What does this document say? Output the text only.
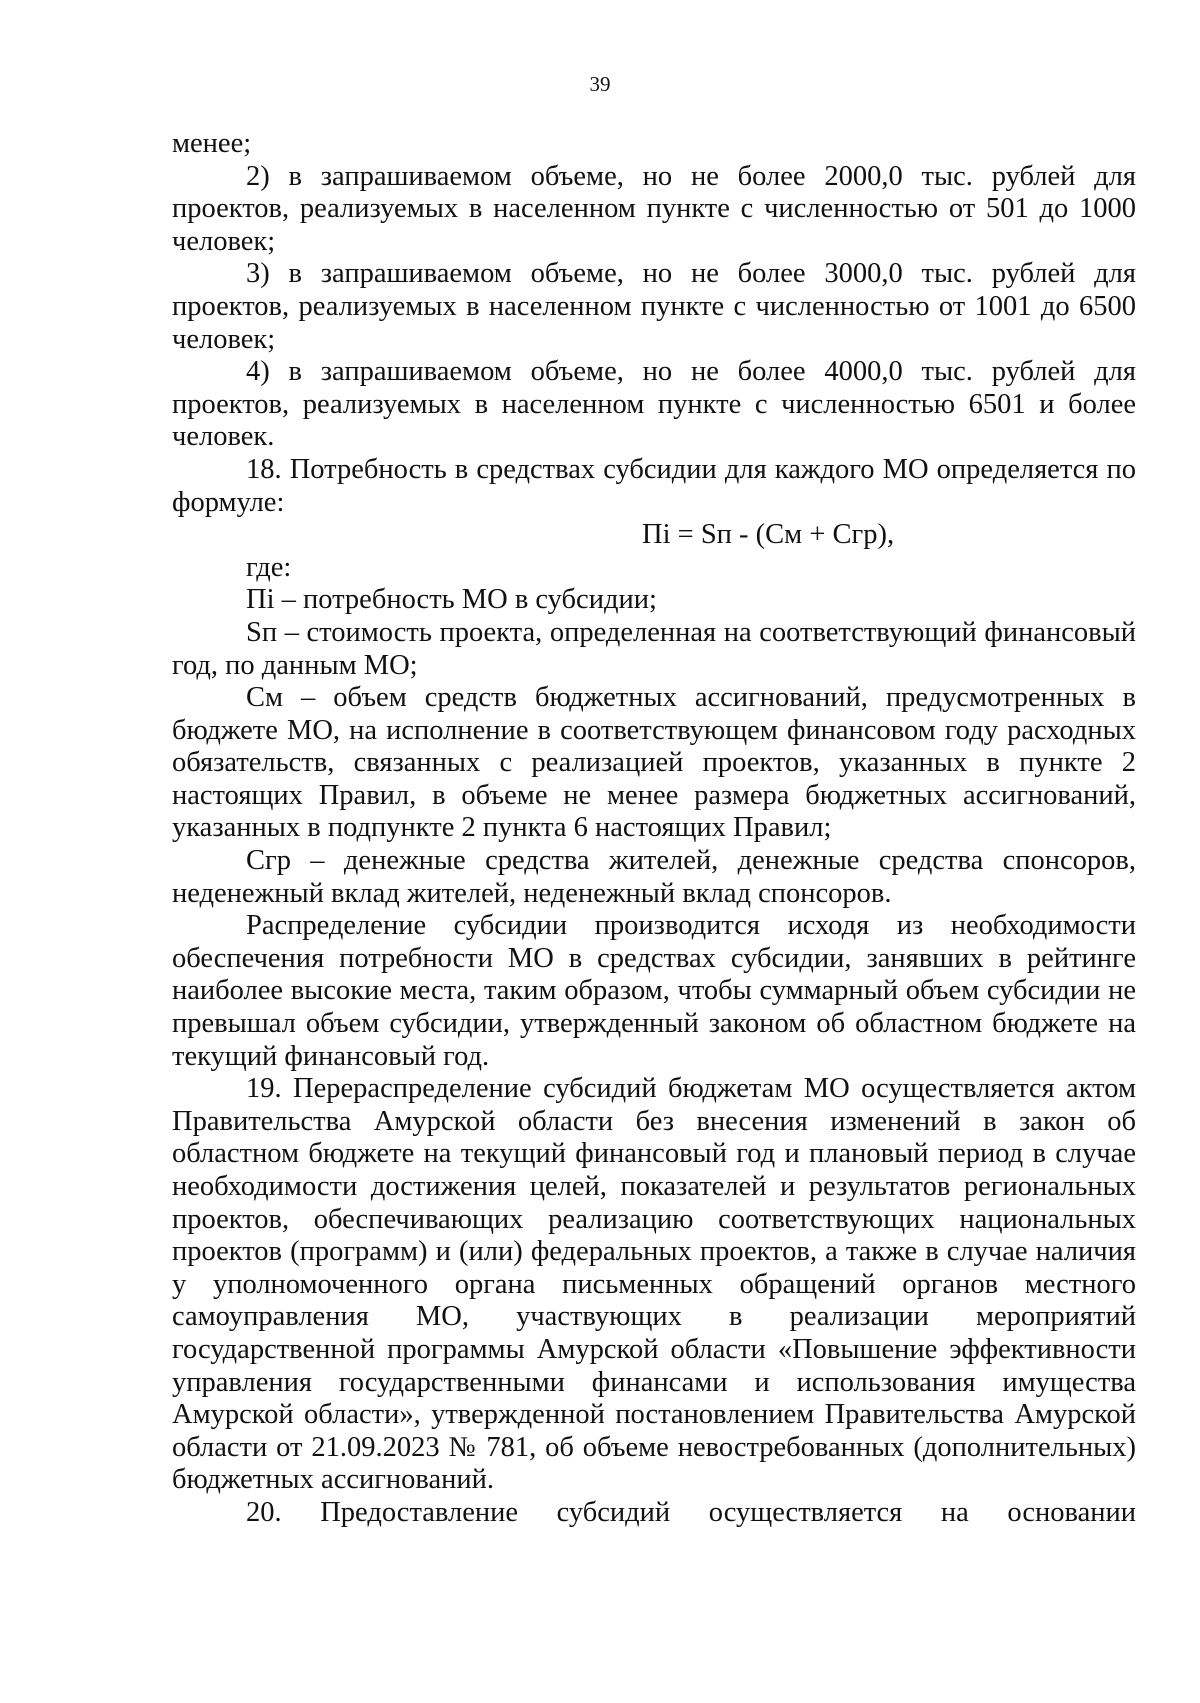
39

менее;

2) в запрашиваемом объеме, но не более 2000,0 тыс. рублей для проектов, реализуемых в населенном пункте с численностью от 501 до 1000 человек;

3) в запрашиваемом объеме, но не более 3000,0 тыс. рублей для проектов, реализуемых в населенном пункте с численностью от 1001 до 6500 человек;

4) в запрашиваемом объеме, но не более 4000,0 тыс. рублей для проектов, реализуемых в населенном пункте с численностью 6501 и более человек.

18. Потребность в средствах субсидии для каждого МО определяется по формуле:

Пi = Sп - (См + Сгр),

где:

Пi – потребность МО в субсидии;

Sп – стоимость проекта, определенная на соответствующий финансовый год, по данным МО;

См – объем средств бюджетных ассигнований, предусмотренных в бюджете МО, на исполнение в соответствующем финансовом году расходных обязательств, связанных с реализацией проектов, указанных в пункте 2 настоящих Правил, в объеме не менее размера бюджетных ассигнований, указанных в подпункте 2 пункта 6 настоящих Правил;

Сгр – денежные средства жителей, денежные средства спонсоров, неденежный вклад жителей, неденежный вклад спонсоров.

Распределение субсидии производится исходя из необходимости обеспечения потребности МО в средствах субсидии, занявших в рейтинге наиболее высокие места, таким образом, чтобы суммарный объем субсидии не превышал объем субсидии, утвержденный законом об областном бюджете на текущий финансовый год.

19. Перераспределение субсидий бюджетам МО осуществляется актом Правительства Амурской области без внесения изменений в закон об областном бюджете на текущий финансовый год и плановый период в случае необходимости достижения целей, показателей и результатов региональных проектов, обеспечивающих реализацию соответствующих национальных проектов (программ) и (или) федеральных проектов, а также в случае наличия у уполномоченного органа письменных обращений органов местного самоуправления МО, участвующих в реализации мероприятий государственной программы Амурской области «Повышение эффективности управления государственными финансами и использования имущества Амурской области», утвержденной постановлением Правительства Амурской области от 21.09.2023 № 781, об объеме невостребованных (дополнительных) бюджетных ассигнований.

20. Предоставление субсидий осуществляется на основании
